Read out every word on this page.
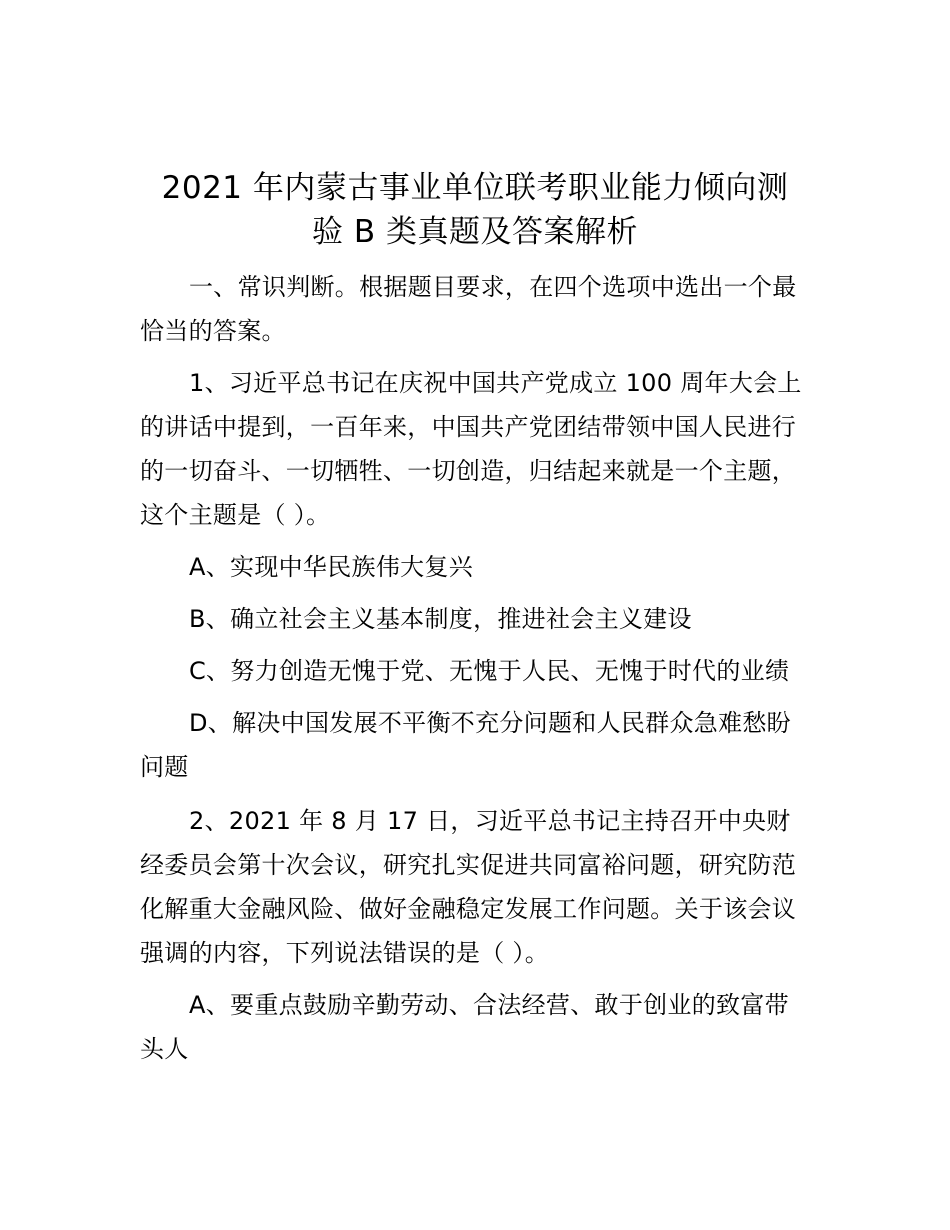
2021 年内蒙古事业单位联考职业能力倾向测
验 B 类真题及答案解析
一、常识判断。根据题目要求，在四个选项中选出一个最
恰当的答案。
1、习近平总书记在庆祝中国共产党成立 100 周年大会上
的讲话中提到，一百年来，中国共产党团结带领中国人民进行
的一切奋斗、一切牺牲、一切创造，归结起来就是一个主题，
这个主题是（ ）。
A、实现中华民族伟大复兴
B、确立社会主义基本制度，推进社会主义建设
C、努力创造无愧于党、无愧于人民、无愧于时代的业绩
D、解决中国发展不平衡不充分问题和人民群众急难愁盼
问题
2、2021 年 8 月 17 日，习近平总书记主持召开中央财
经委员会第十次会议，研究扎实促进共同富裕问题，研究防范
化解重大金融风险、做好金融稳定发展工作问题。关于该会议
强调的内容，下列说法错误的是（ ）。
A、要重点鼓励辛勤劳动、合法经营、敢于创业的致富带
头人
